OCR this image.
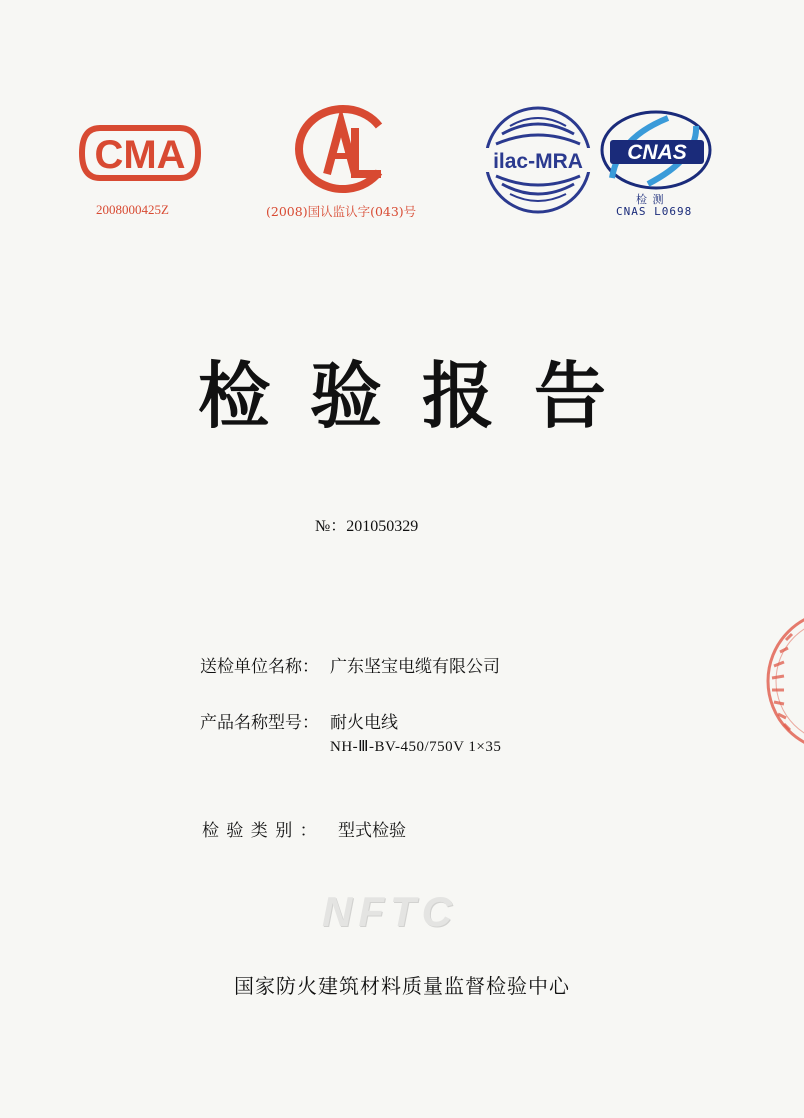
CMA
2008000425Z
CAL
(2008)国认监认字(043)号
ilac-MRA CNAS
检 测
CNAS L0698
检验报告
№：201050329
送检单位名称： 广东坚宝电缆有限公司
产品名称型号： 耐火电线
NH-Ⅲ-BV-450/750V 1×35
检 验 类 别 ： 型式检验
NFTC
国家防火建筑材料质量监督检验中心
